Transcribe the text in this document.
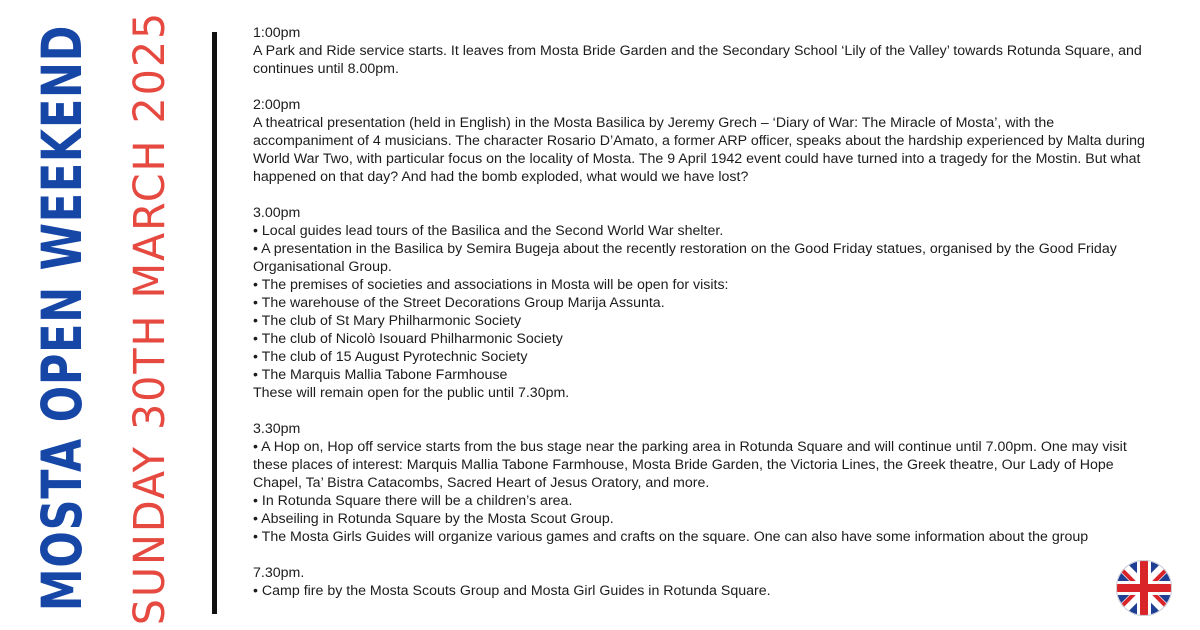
MOSTA OPEN WEEKEND SUNDAY 30TH MARCH 2025	1:00pm

A Park and Ride service starts. It leaves from Mosta Bride Garden and the Secondary School ‘Lily of the Valley’ towards Rotunda Square, and continues until 8.00pm.

2:00pm

A theatrical presentation (held in English) in the Mosta Basilica by Jeremy Grech – ‘Diary of War: The Miracle of Mosta’, with the accompaniment of 4 musicians. The character Rosario D’Amato, a former ARP officer, speaks about the hardship experienced by Malta during World War Two, with particular focus on the locality of Mosta. The 9 April 1942 event could have turned into a tragedy for the Mostin. But what happened on that day? And had the bomb exploded, what would we have lost?

3.00pm

• Local guides lead tours of the Basilica and the Second World War shelter.

• A presentation in the Basilica by Semira Bugeja about the recently restoration on the Good Friday statues, organised by the Good Friday Organisational Group.

• The premises of societies and associations in Mosta will be open for visits:

• The warehouse of the Street Decorations Group Marija Assunta.

• The club of St Mary Philharmonic Society

• The club of Nicolò Isouard Philharmonic Society

• The club of 15 August Pyrotechnic Society

• The Marquis Mallia Tabone Farmhouse

These will remain open for the public until 7.30pm.

3.30pm

• A Hop on, Hop off service starts from the bus stage near the parking area in Rotunda Square and will continue until 7.00pm. One may visit these places of interest: Marquis Mallia Tabone Farmhouse, Mosta Bride Garden, the Victoria Lines, the Greek theatre, Our Lady of Hope Chapel, Ta’ Bistra Catacombs, Sacred Heart of Jesus Oratory, and more.

• In Rotunda Square there will be a children’s area.

• Abseiling in Rotunda Square by the Mosta Scout Group.

• The Mosta Girls Guides will organize various games and crafts on the square. One can also have some information about the group

7.30pm.

• Camp fire by the Mosta Scouts Group and Mosta Girl Guides in Rotunda Square.
